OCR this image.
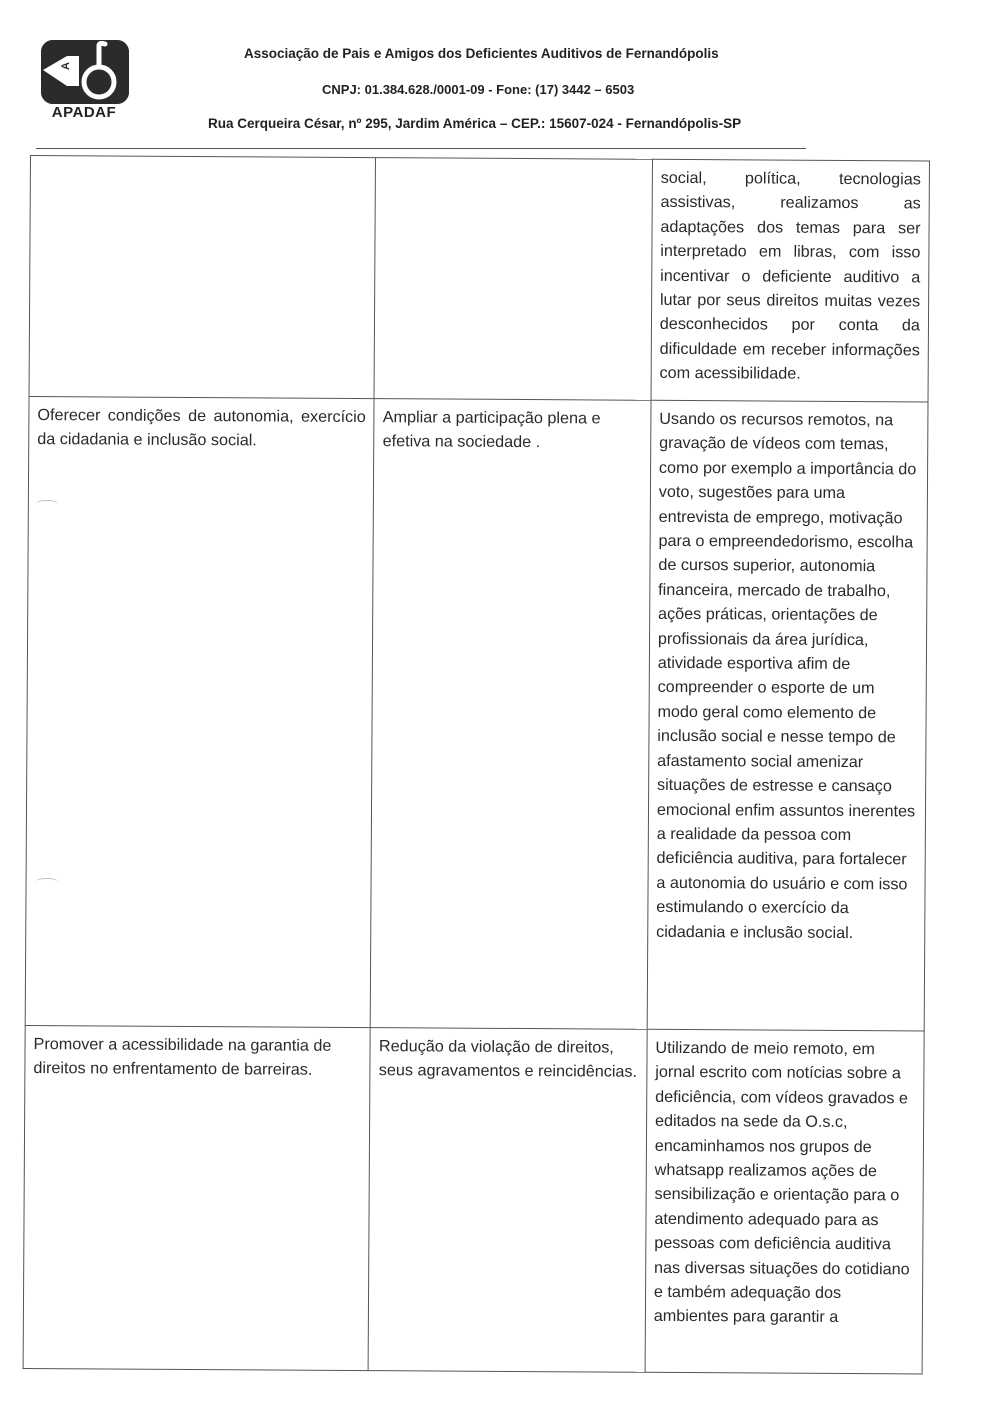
A
APADAF
Associação de Pais e Amigos dos Deficientes Auditivos de Fernandópolis
CNPJ: 01.384.628./0001-09 - Fone: (17) 3442 – 6503
Rua Cerqueira César, nº 295, Jardim América – CEP.: 15607-024 - Fernandópolis-SP

		social, política, tecnologias assistivas, realizamos as adaptações dos temas para ser interpretado em libras, com isso incentivar o deficiente auditivo a lutar por seus direitos muitas vezes desconhecidos por conta da dificuldade em receber informações com acessibilidade.

Oferecer condições de autonomia, exercício da cidadania e inclusão social.	Ampliar a participação plena e efetiva na sociedade .	Usando os recursos remotos, na gravação de vídeos com temas, como por exemplo a importância do voto, sugestões para uma entrevista de emprego, motivação para o empreendedorismo, escolha de cursos superior, autonomia financeira, mercado de trabalho, ações práticas, orientações de profissionais da área jurídica, atividade esportiva afim de compreender o esporte de um modo geral como elemento de inclusão social e nesse tempo de afastamento social amenizar situações de estresse e cansaço emocional enfim assuntos inerentes a realidade da pessoa com deficiência auditiva, para fortalecer a autonomia do usuário e com isso estimulando o exercício da cidadania e inclusão social.

Promover a acessibilidade na garantia de direitos no enfrentamento de barreiras.	Redução da violação de direitos, seus agravamentos e reincidências.	Utilizando de meio remoto, em jornal escrito com notícias sobre a deficiência, com vídeos gravados e editados na sede da O.s.c, encaminhamos nos grupos de whatsapp realizamos ações de sensibilização e orientação para o atendimento adequado para as pessoas com deficiência auditiva nas diversas situações do cotidiano e também adequação dos ambientes para garantir a
